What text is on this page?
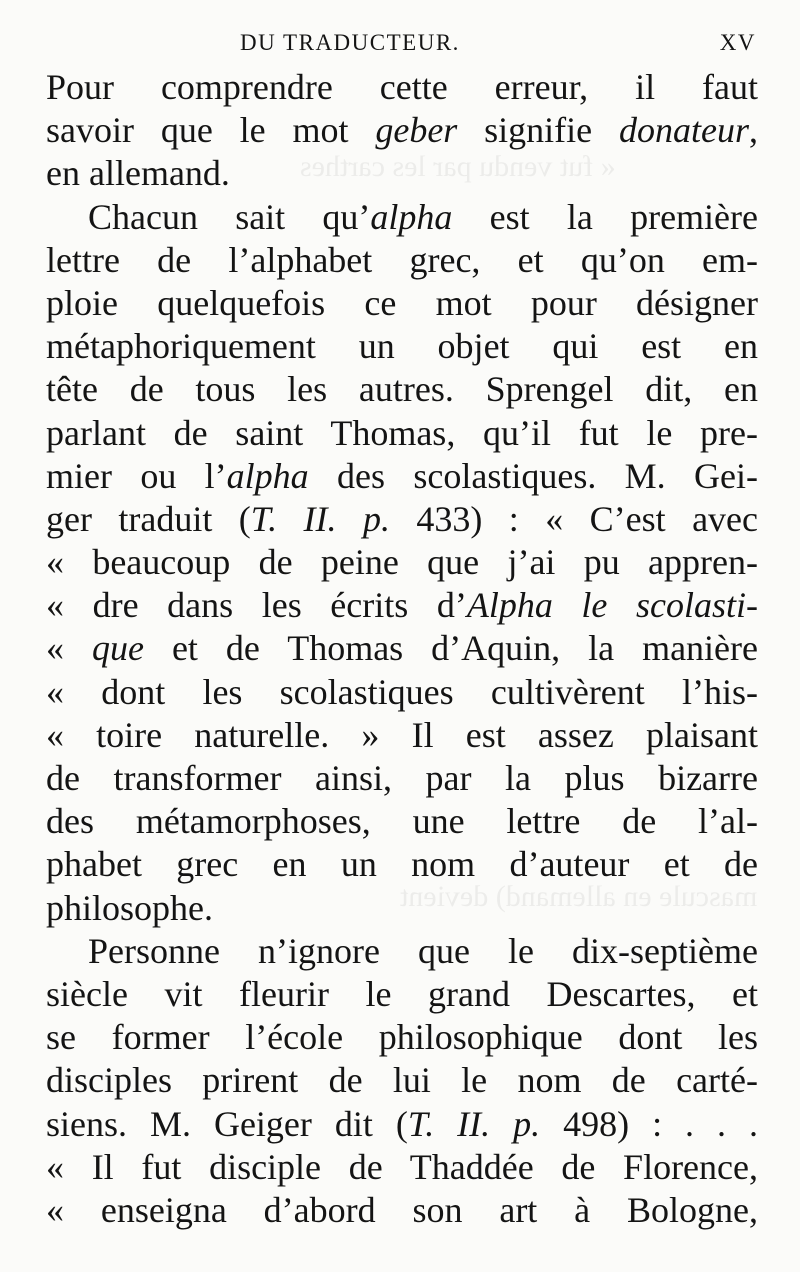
« fut vendu par les carthes
mascule en allemand) devient
DU TRADUCTEUR.	XV
Pour comprendre cette erreur, il faut
savoir que le mot geber signifie donateur,
en allemand.
Chacun sait qu’alpha est la première
lettre de l’alphabet grec, et qu’on em-
ploie quelquefois ce mot pour désigner
métaphoriquement un objet qui est en
tête de tous les autres. Sprengel dit, en
parlant de saint Thomas, qu’il fut le pre-
mier ou l’alpha des scolastiques. M. Gei-
ger traduit (T. II. p. 433) : « C’est avec
« beaucoup de peine que j’ai pu appren-
« dre dans les écrits d’Alpha le scolasti-
« que et de Thomas d’Aquin, la manière
« dont les scolastiques cultivèrent l’his-
« toire naturelle. » Il est assez plaisant
de transformer ainsi, par la plus bizarre
des métamorphoses, une lettre de l’al-
phabet grec en un nom d’auteur et de
philosophe.
Personne n’ignore que le dix-septième
siècle vit fleurir le grand Descartes, et
se former l’école philosophique dont les
disciples prirent de lui le nom de carté-
siens. M. Geiger dit (T. II. p. 498) : . . .
« Il fut disciple de Thaddée de Florence,
« enseigna d’abord son art à Bologne,
